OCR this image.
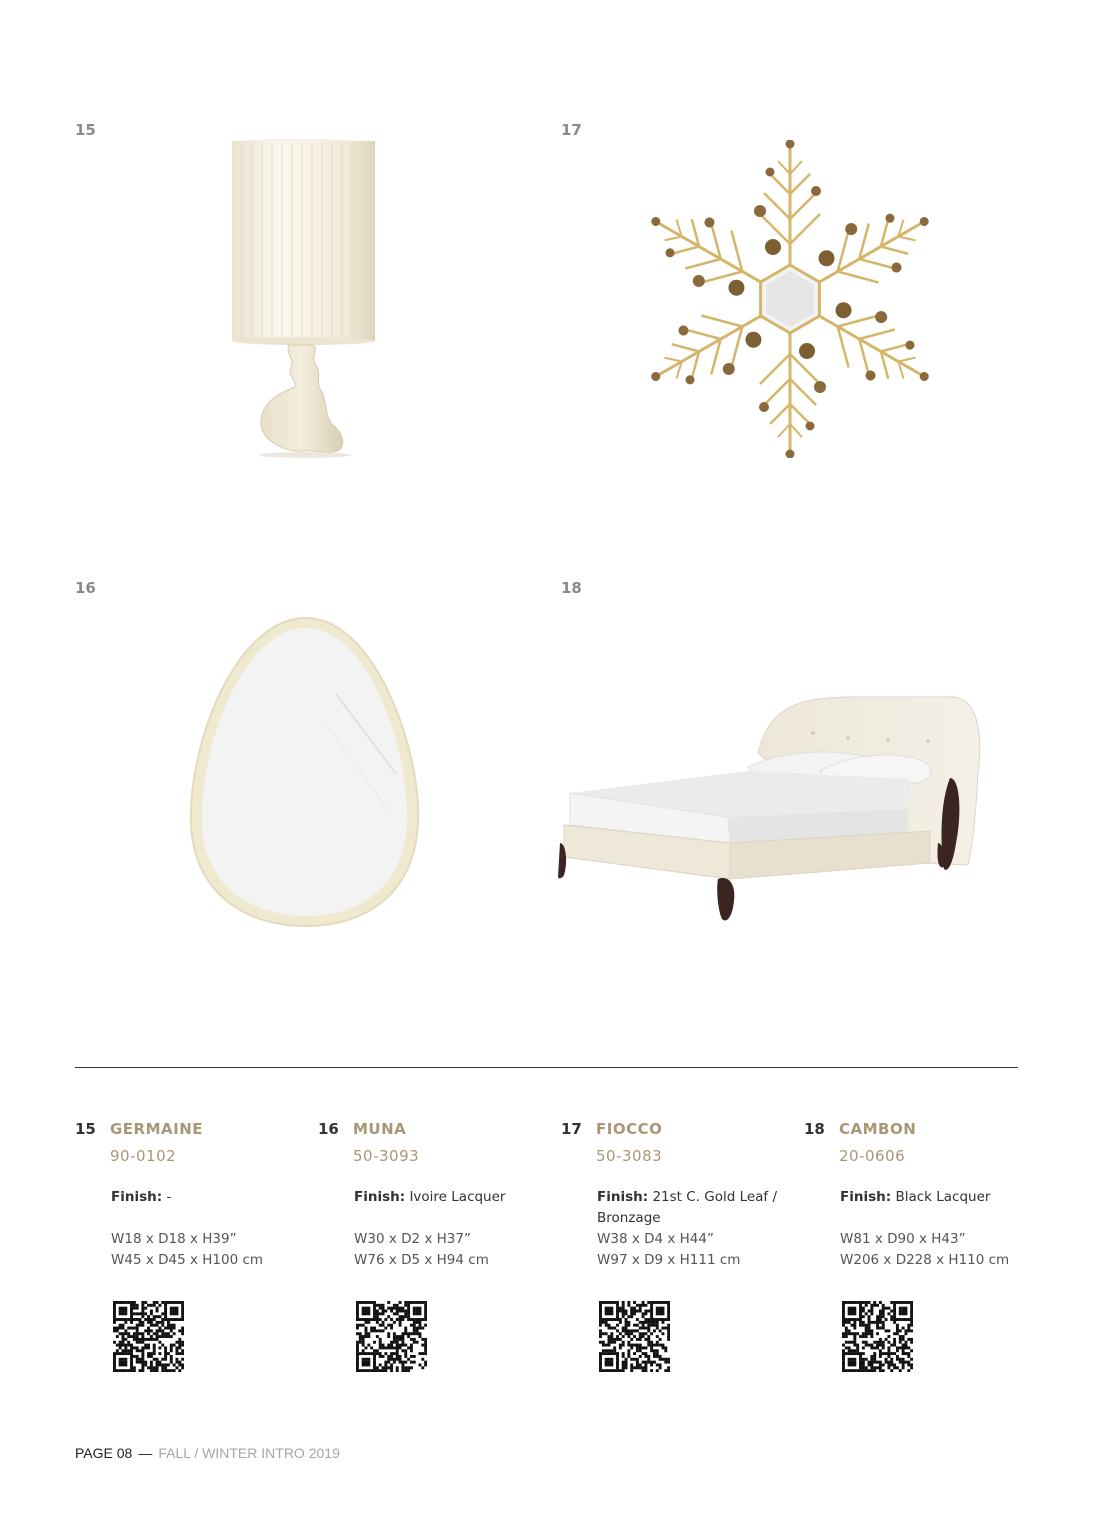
15	17
16	18
15 GERMAINE
90-0102
Finish: -
W18 x D18 x H39”
W45 x D45 x H100 cm
16 MUNA
50-3093
Finish: Ivoire Lacquer
W30 x D2 x H37”
W76 x D5 x H94 cm
17 FIOCCO
50-3083
Finish: 21st C. Gold Leaf / Bronzage
W38 x D4 x H44”
W97 x D9 x H111 cm
18 CAMBON
20-0606
Finish: Black Lacquer
W81 x D90 x H43”
W206 x D228 x H110 cm
PAGE 08 — FALL / WINTER INTRO 2019
